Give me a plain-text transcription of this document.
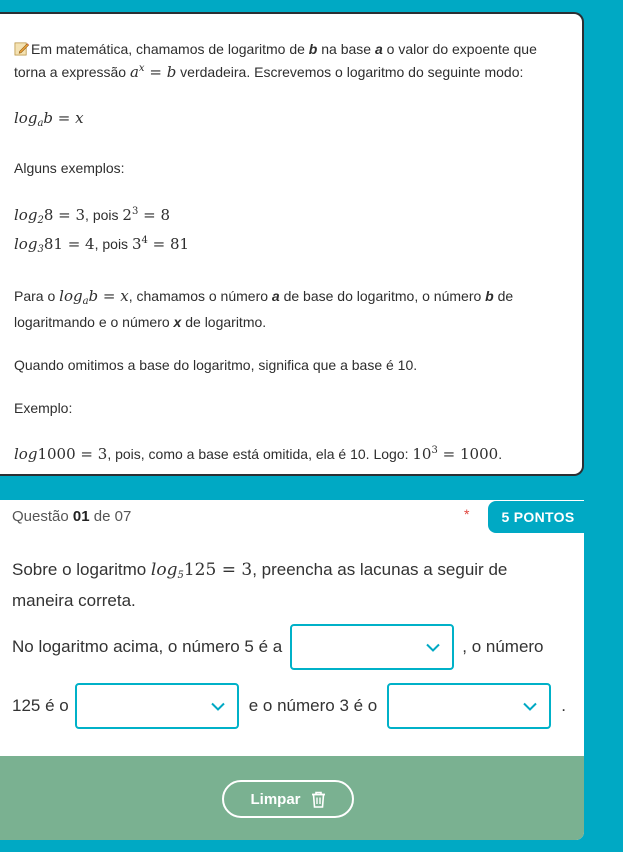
Em matemática, chamamos de logaritmo de b na base a o valor do expoente que torna a expressão $a^x = b$ verdadeira. Escrevemos o logaritmo do seguinte modo:

$\log_ab = x$

Alguns exemplos:

$\log_28 = 3$, pois $2^3 = 8$

$\log_381 = 4$, pois $3^4 = 81$

Para o $\log_ab = x$, chamamos o número a de base do logaritmo, o número b de logaritmando e o número x de logaritmo.

Quando omitimos a base do logaritmo, significa que a base é 10.

Exemplo:

log1000 = 3, pois, como a base está omitida, ela é 10. Logo: $10^3 = 1000$.

Questão 01 de 07	*	5 PONTOS
Sobre o logaritmo $\log_5125 = 3$, preencha as lacunas a seguir de maneira correta.
No logaritmo acima, o número 5 é a	, o número
125 é o	e o número 3 é o	.
Limpar
